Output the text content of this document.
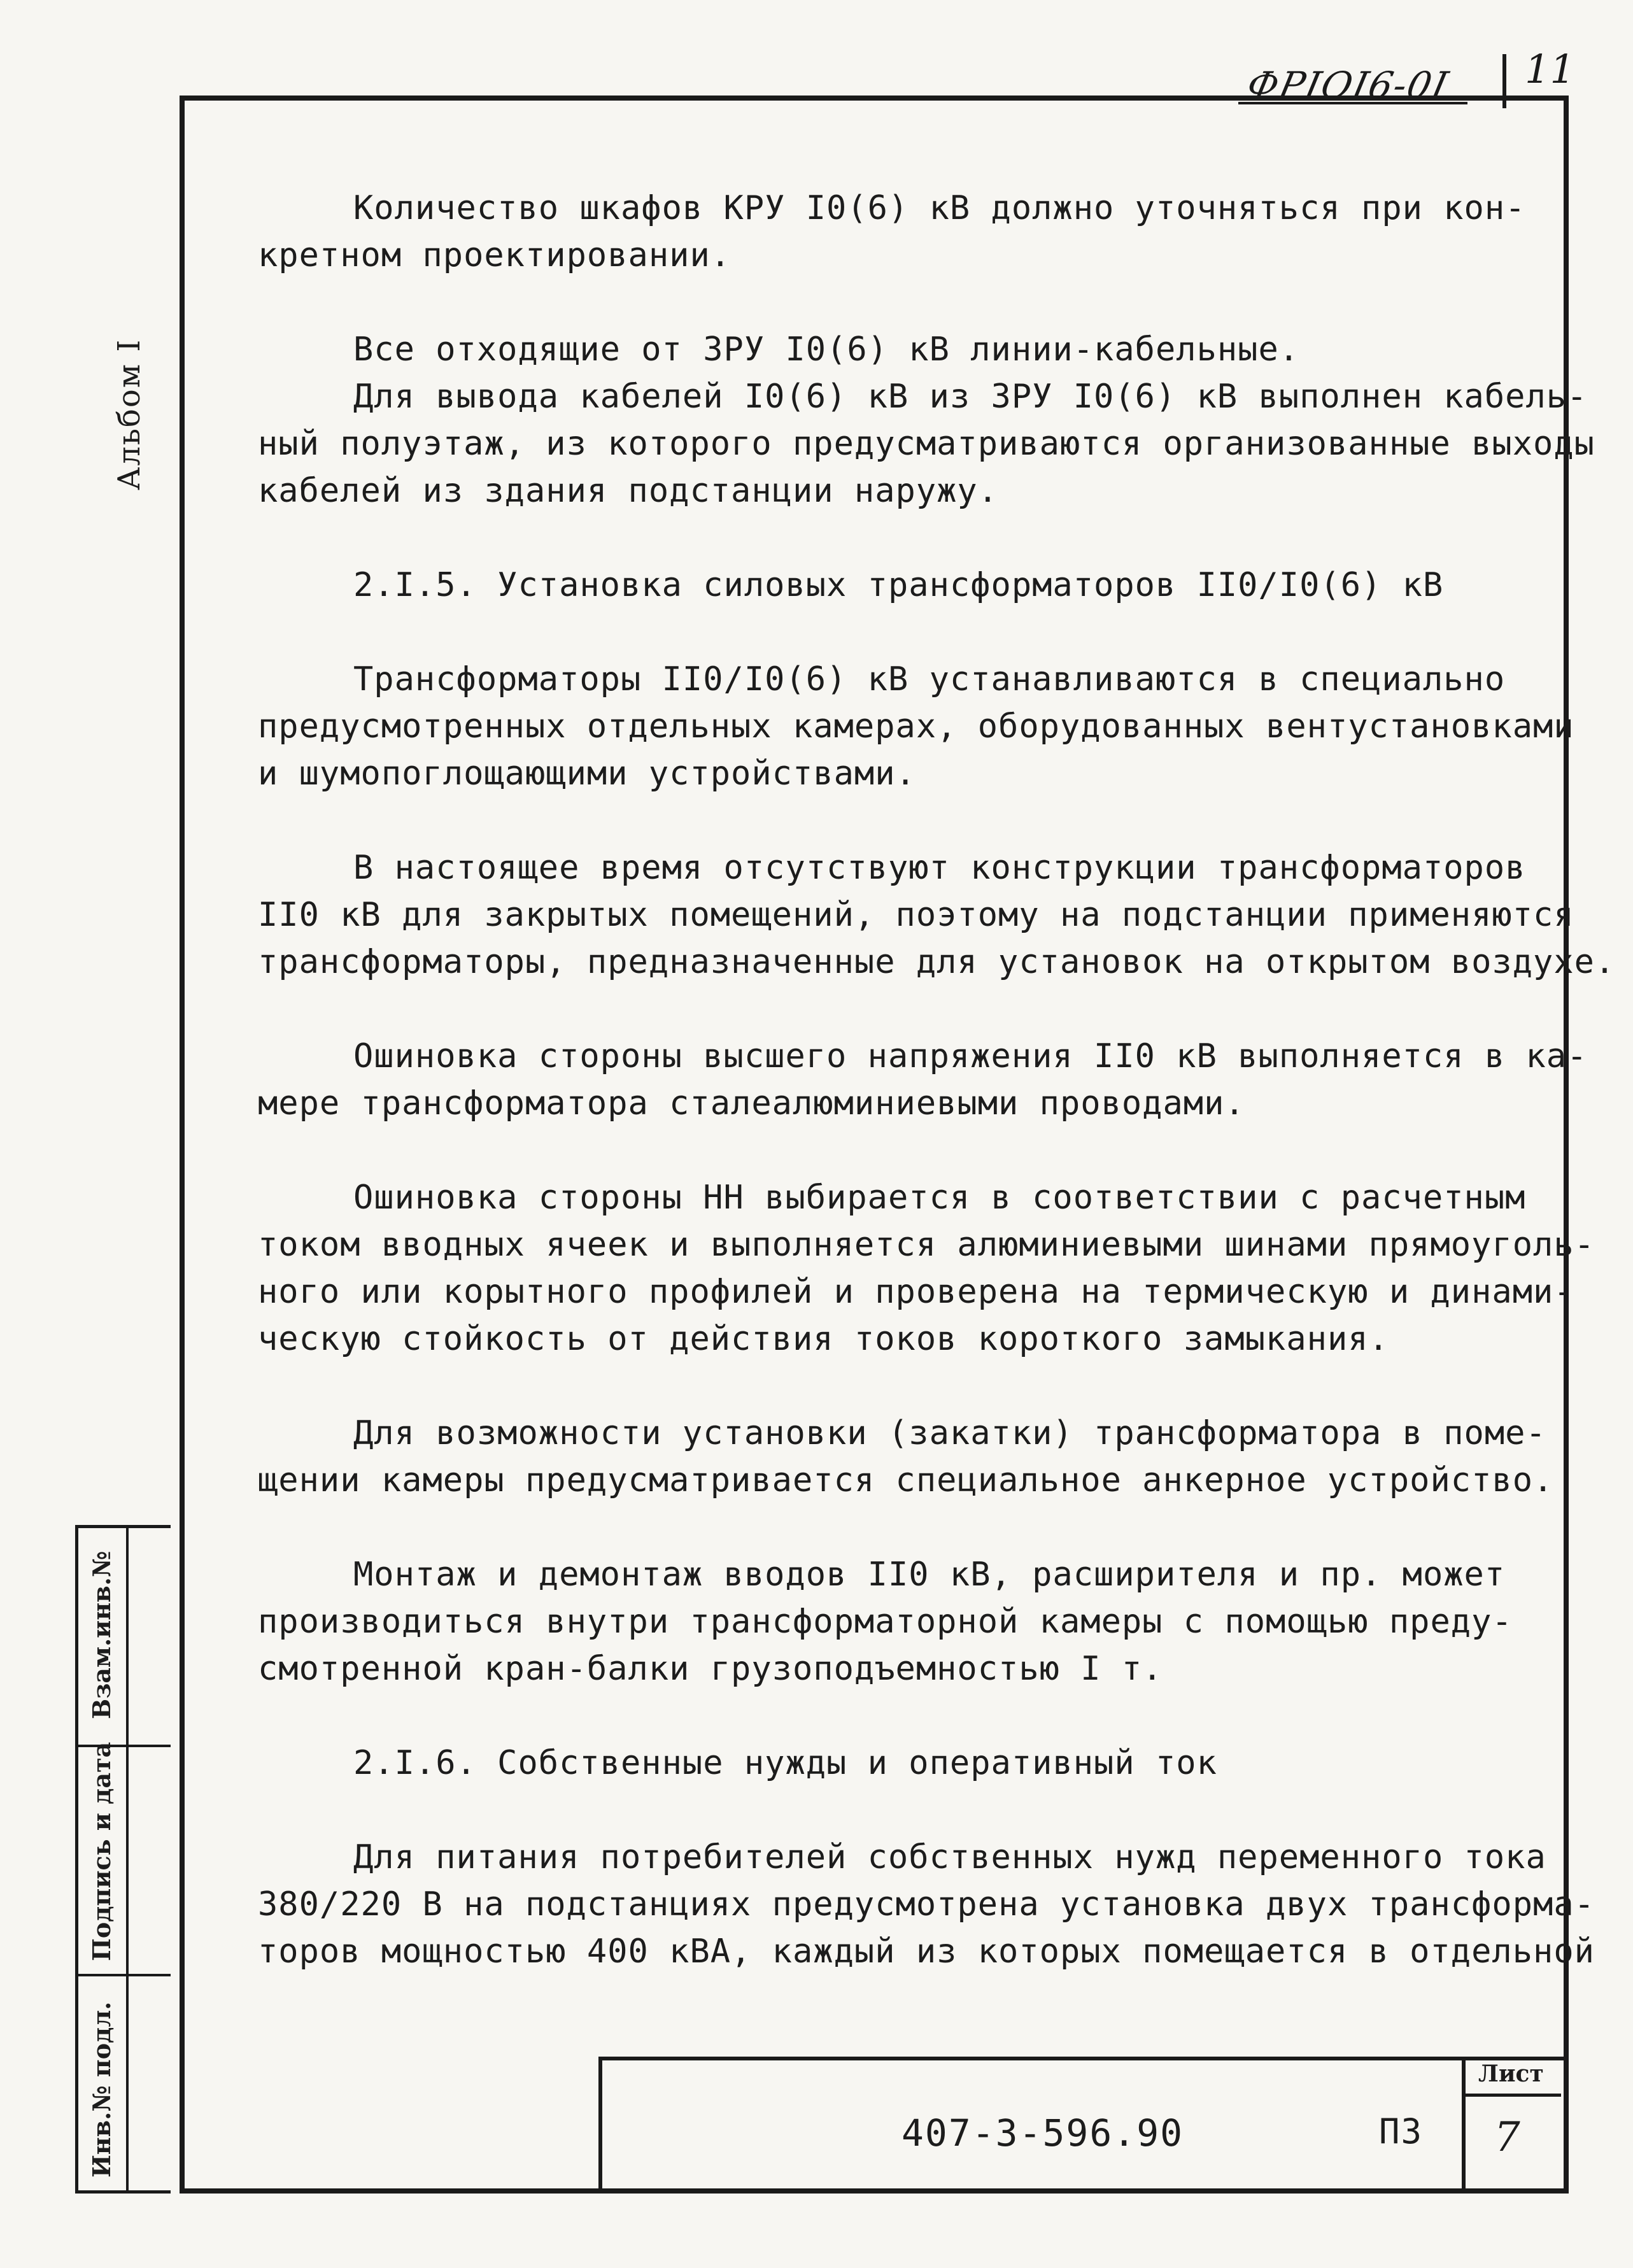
ФРIОI6-0I 11
Альбом I

Количество шкафов КРУ I0(6) кВ должно уточняться при кон-
кретном проектировании.

Все отходящие от ЗРУ I0(6) кВ линии-кабельные.
Для вывода кабелей I0(6) кВ из ЗРУ I0(6) кВ выполнен кабель-
ный полуэтаж, из которого предусматриваются организованные выходы
кабелей из здания подстанции наружу.

2.I.5. Установка силовых трансформаторов II0/I0(6) кВ

Трансформаторы II0/I0(6) кВ устанавливаются в специально
предусмотренных отдельных камерах, оборудованных вентустановками
и шумопоглощающими устройствами.

В настоящее время отсутствуют конструкции трансформаторов
II0 кВ для закрытых помещений, поэтому на подстанции применяются
трансформаторы, предназначенные для установок на открытом воздухе.

Ошиновка стороны высшего напряжения II0 кВ выполняется в ка-
мере трансформатора сталеалюминиевыми проводами.

Ошиновка стороны НН выбирается в соответствии с расчетным
током вводных ячеек и выполняется алюминиевыми шинами прямоуголь-
ного или корытного профилей и проверена на термическую и динами-
ческую стойкость от действия токов короткого замыкания.

Для возможности установки (закатки) трансформатора в поме-
щении камеры предусматривается специальное анкерное устройство.

Монтаж и демонтаж вводов II0 кВ, расширителя и пр. может
производиться внутри трансформаторной камеры с помощью преду-
смотренной кран-балки грузоподъемностью I т.

2.I.6. Собственные нужды и оперативный ток

Для питания потребителей собственных нужд переменного тока
380/220 В на подстанциях предусмотрена установка двух трансформа-
торов мощностью 400 кВА, каждый из которых помещается в отдельной

Взам.инв.№
Подпись и дата
Инв.№ подл.	407-3-596.90	ПЗ
Лист
7
